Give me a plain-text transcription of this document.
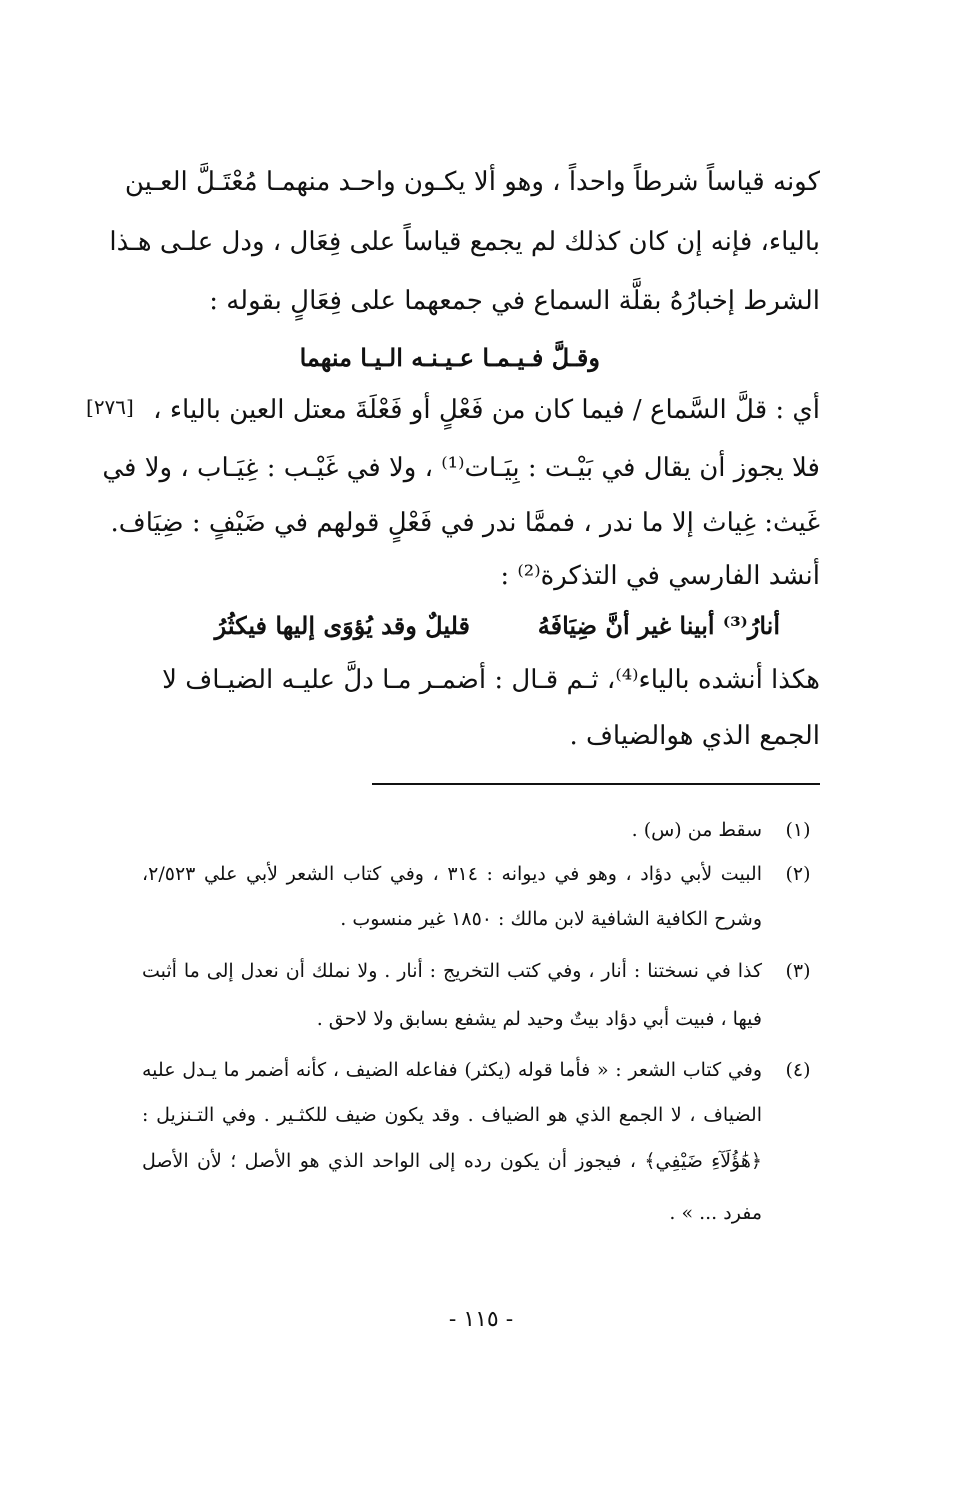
كونه قياساً شرطاً واحداً ، وهو ألا يكـون واحـد منهمـا مُعْتَـلَّ العـين
بالياء، فإنه إن كان كذلك لم يجمع قياساً على فِعَال ، ودل علـى هـذا
الشرط إخبارُهُ بقلَّة السماع في جمعهما على فِعَالٍ بقوله :
وقـلَّ فـيـمـا عـيـنـه الـيـا منهما
[٢٧٦] أي : قلَّ السَّماع / فيما كان من فَعْلٍ أو فَعْلَةَ معتل العين بالياء ،
فلا يجوز أن يقال في بَيْـت : بِيَـات⁽¹⁾ ، ولا في غَيْـب : غِيَـاب ، ولا في
غَيث: غِياث إلا ما ندر ، فممَّا ندر في فَعْلٍ قولهم في ضَيْفٍ : ضِيَاف.
أنشد الفارسي في التذكرة⁽²⁾ :
أنارُ⁽³⁾ أبينا غير أنَّ ضِيَافَهُ
قليلٌ وقد يُؤوَى إليها فيكثُرُ
هكذا أنشده بالياء⁽⁴⁾، ثـم قـال : أضمـر مـا دلَّ عليـه الضيـاف لا
الجمع الذي هوالضياف .
(١)
سقط من (س) .
(٢)
البيت لأبي دؤاد ، وهو في ديوانه : ٣١٤ ، وفي كتاب الشعر لأبي علي ٢/٥٢٣،
وشرح الكافية الشافية لابن مالك : ١٨٥٠ غير منسوب .
(٣)
كذا في نسختنا : أنار ، وفي كتب التخريج : أنار . ولا نملك أن نعدل إلى ما أثبت
فيها ، فبيت أبي دؤاد بيتٌ وحيد لم يشفع بسابق ولا لاحق .
(٤)
وفي كتاب الشعر : « فأما قوله (يكثر) ففاعله الضيف ، كأنه أضمر ما يـدل عليه
الضياف ، لا الجمع الذي هو الضياف . وقد يكون ضيف للكثـير . وفي التـنزيل :
﴿هَٰؤُلَآءِ ضَيْفِي﴾ ، فيجوز أن يكون رده إلى الواحد الذي هو الأصل ؛ لأن الأصل
مفرد ... » .
- ١١٥ -
